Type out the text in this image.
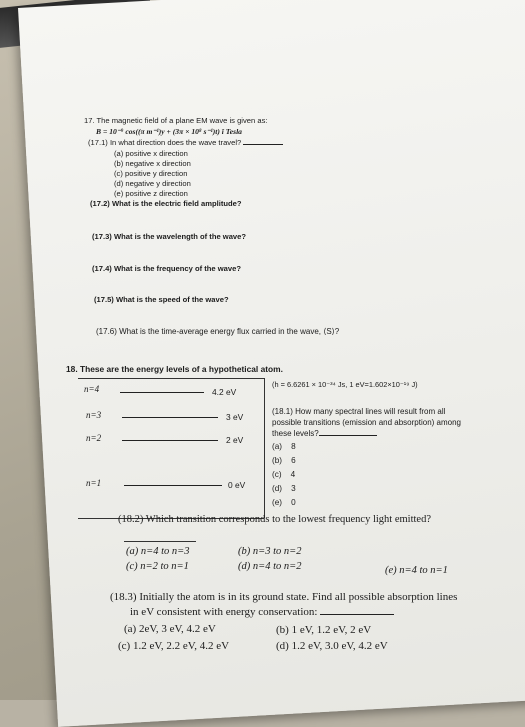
17. The magnetic field of a plane EM wave is given as:
B = 10⁻⁹ cos((π m⁻¹)y + (3π × 10⁸ s⁻¹)t) î Tesla
(17.1) In what direction does the wave travel?
(a) positive x direction
(b) negative x direction
(c) positive y direction
(d) negative y direction
(e) positive z direction
(17.2) What is the electric field amplitude?
(17.3) What is the wavelength of the wave?
(17.4) What is the frequency of the wave?
(17.5) What is the speed of the wave?
(17.6) What is the time-average energy flux carried in the wave, ⟨S⟩?
18. These are the energy levels of a hypothetical atom.
n=4	4.2 eV
n=3	3 eV
n=2	2 eV
n=1	0 eV
(h = 6.6261 × 10⁻³⁴ Js, 1 eV=1.602×10⁻¹⁹ J)
(18.1) How many spectral lines will result from all
possible transitions (emission and absorption) among
these levels?
(a) 8
(b) 6
(c) 4
(d) 3
(e) 0
(18.2) Which transition corresponds to the lowest frequency light emitted?
(a) n=4 to n=3	(b) n=3 to n=2
(c) n=2 to n=1	(d) n=4 to n=2	(e) n=4 to n=1
(18.3) Initially the atom is in its ground state. Find all possible absorption lines
in eV consistent with energy conservation:
(a) 2eV, 3 eV, 4.2 eV	(b) 1 eV, 1.2 eV, 2 eV
(c) 1.2 eV, 2.2 eV, 4.2 eV	(d) 1.2 eV, 3.0 eV, 4.2 eV
